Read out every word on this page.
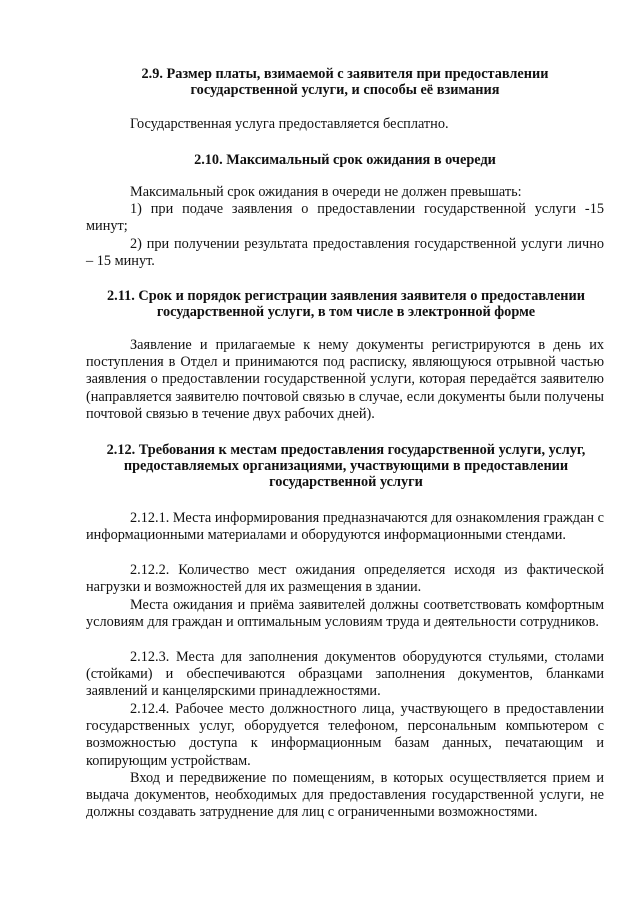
2.9. Размер платы, взимаемой с заявителя при предоставлении государственной услуги, и способы её взимания
Государственная услуга предоставляется бесплатно.
2.10. Максимальный срок ожидания в очереди
Максимальный срок ожидания в очереди не должен превышать:
1) при подаче заявления о предоставлении государственной услуги -15 минут;
2) при получении результата предоставления государственной услуги лично – 15 минут.
2.11. Срок и порядок регистрации заявления заявителя о предоставлении государственной услуги, в том числе в электронной форме
Заявление и прилагаемые к нему документы регистрируются в день их поступления в Отдел и принимаются под расписку, являющуюся отрывной частью заявления о предоставлении государственной услуги, которая передаётся заявителю (направляется заявителю почтовой связью в случае, если документы были получены почтовой связью в течение двух рабочих дней).
2.12. Требования к местам предоставления государственной услуги, услуг, предоставляемых организациями, участвующими в предоставлении государственной услуги
2.12.1. Места информирования предназначаются для ознакомления граждан с информационными материалами и оборудуются информационными стендами.
2.12.2. Количество мест ожидания определяется исходя из фактической нагрузки и возможностей для их размещения в здании.
Места ожидания и приёма заявителей должны соответствовать комфортным условиям для граждан и оптимальным условиям труда и деятельности сотрудников.
2.12.3. Места для заполнения документов оборудуются стульями, столами (стойками) и обеспечиваются образцами заполнения документов, бланками заявлений и канцелярскими принадлежностями.
2.12.4. Рабочее место должностного лица, участвующего в предоставлении государственных услуг, оборудуется телефоном, персональным компьютером с возможностью доступа к информационным базам данных, печатающим и копирующим устройствам.
Вход и передвижение по помещениям, в которых осуществляется прием и выдача документов, необходимых для предоставления государственной услуги, не должны создавать затруднение для лиц с ограниченными возможностями.
